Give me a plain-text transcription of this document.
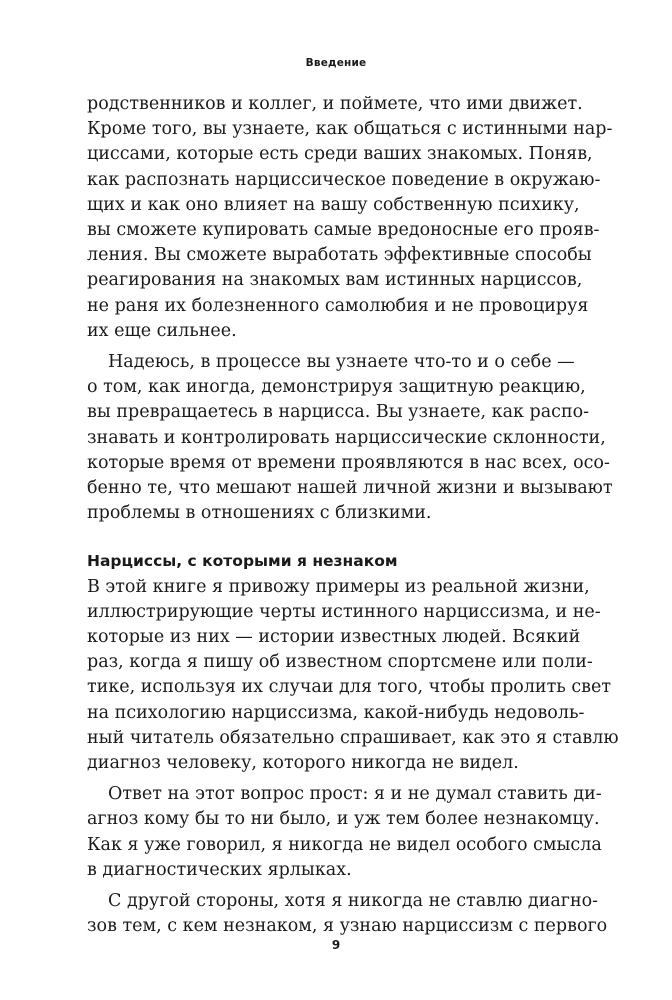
Введение
родственников и коллег, и поймете, что ими движет.
Кроме того, вы узнаете, как общаться с истинными нар-
циссами, которые есть среди ваших знакомых. Поняв,
как распознать нарциссическое поведение в окружаю-
щих и как оно влияет на вашу собственную психику,
вы сможете купировать самые вредоносные его прояв-
ления. Вы сможете выработать эффективные способы
реагирования на знакомых вам истинных нарциссов,
не раня их болезненного самолюбия и не провоцируя
их еще сильнее.
Надеюсь, в процессе вы узнаете что-то и о себе —
о том, как иногда, демонстрируя защитную реакцию,
вы превращаетесь в нарцисса. Вы узнаете, как распо-
знавать и контролировать нарциссические склонности,
которые время от времени проявляются в нас всех, осо-
бенно те, что мешают нашей личной жизни и вызывают
проблемы в отношениях с близкими.
Нарциссы, с которыми я незнаком
В этой книге я привожу примеры из реальной жизни,
иллюстрирующие черты истинного нарциссизма, и не-
которые из них — истории известных людей. Всякий
раз, когда я пишу об известном спортсмене или поли-
тике, используя их случаи для того, чтобы пролить свет
на психологию нарциссизма, какой-нибудь недоволь-
ный читатель обязательно спрашивает, как это я ставлю
диагноз человеку, которого никогда не видел.
Ответ на этот вопрос прост: я и не думал ставить ди-
агноз кому бы то ни было, и уж тем более незнакомцу.
Как я уже говорил, я никогда не видел особого смысла
в диагностических ярлыках.
С другой стороны, хотя я никогда не ставлю диагно-
зов тем, с кем незнаком, я узнаю нарциссизм с первого
9
